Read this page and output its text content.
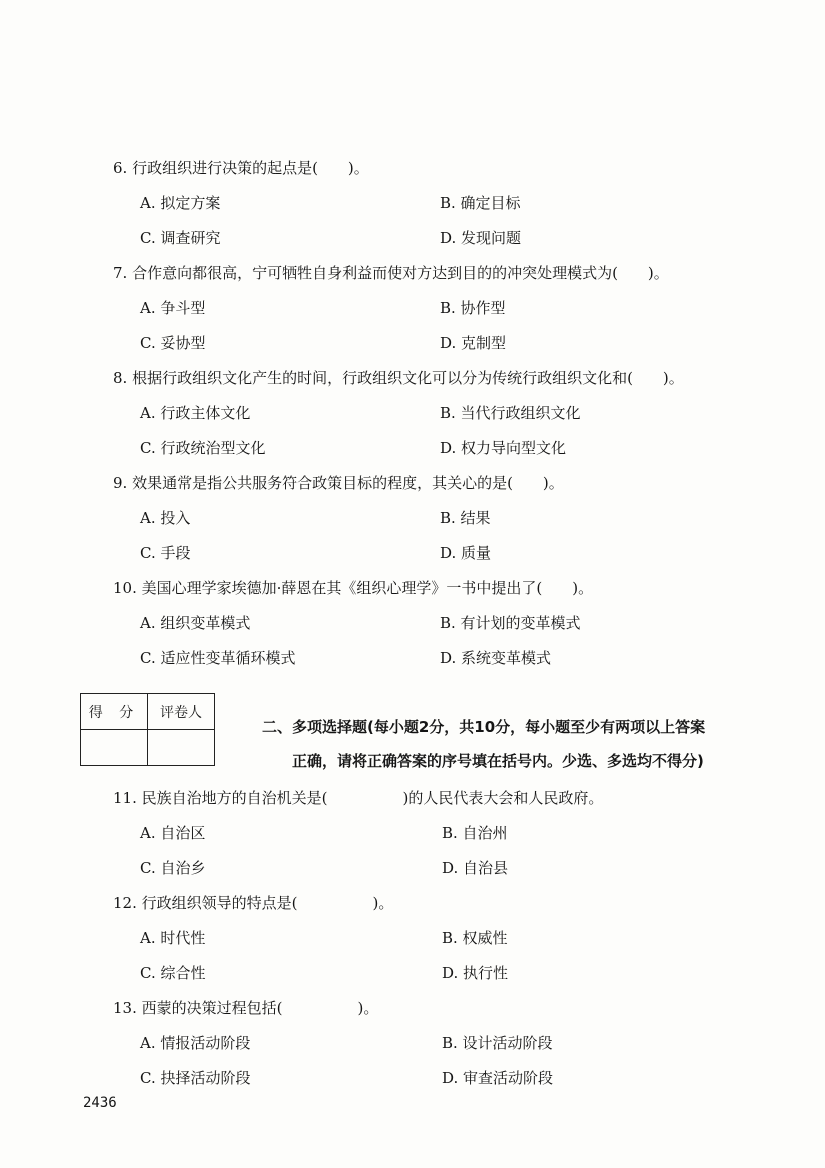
6. 行政组织进行决策的起点是(　　)。
A. 拟定方案	B. 确定目标
C. 调查研究	D. 发现问题
7. 合作意向都很高，宁可牺牲自身利益而使对方达到目的的冲突处理模式为(　　)。
A. 争斗型	B. 协作型
C. 妥协型	D. 克制型
8. 根据行政组织文化产生的时间，行政组织文化可以分为传统行政组织文化和(　　)。
A. 行政主体文化	B. 当代行政组织文化
C. 行政统治型文化	D. 权力导向型文化
9. 效果通常是指公共服务符合政策目标的程度，其关心的是(　　)。
A. 投入	B. 结果
C. 手段	D. 质量
10. 美国心理学家埃德加·薛恩在其《组织心理学》一书中提出了(　　)。
A. 组织变革模式	B. 有计划的变革模式
C. 适应性变革循环模式	D. 系统变革模式
得 分	评卷人

二、多项选择题(每小题2分，共10分，每小题至少有两项以上答案
正确，请将正确答案的序号填在括号内。少选、多选均不得分)
11. 民族自治地方的自治机关是(　　　　　)的人民代表大会和人民政府。
A. 自治区	B. 自治州
C. 自治乡	D. 自治县
12. 行政组织领导的特点是(　　　　　)。
A. 时代性	B. 权威性
C. 综合性	D. 执行性
13. 西蒙的决策过程包括(　　　　　)。
A. 情报活动阶段	B. 设计活动阶段
C. 抉择活动阶段	D. 审查活动阶段
2436
